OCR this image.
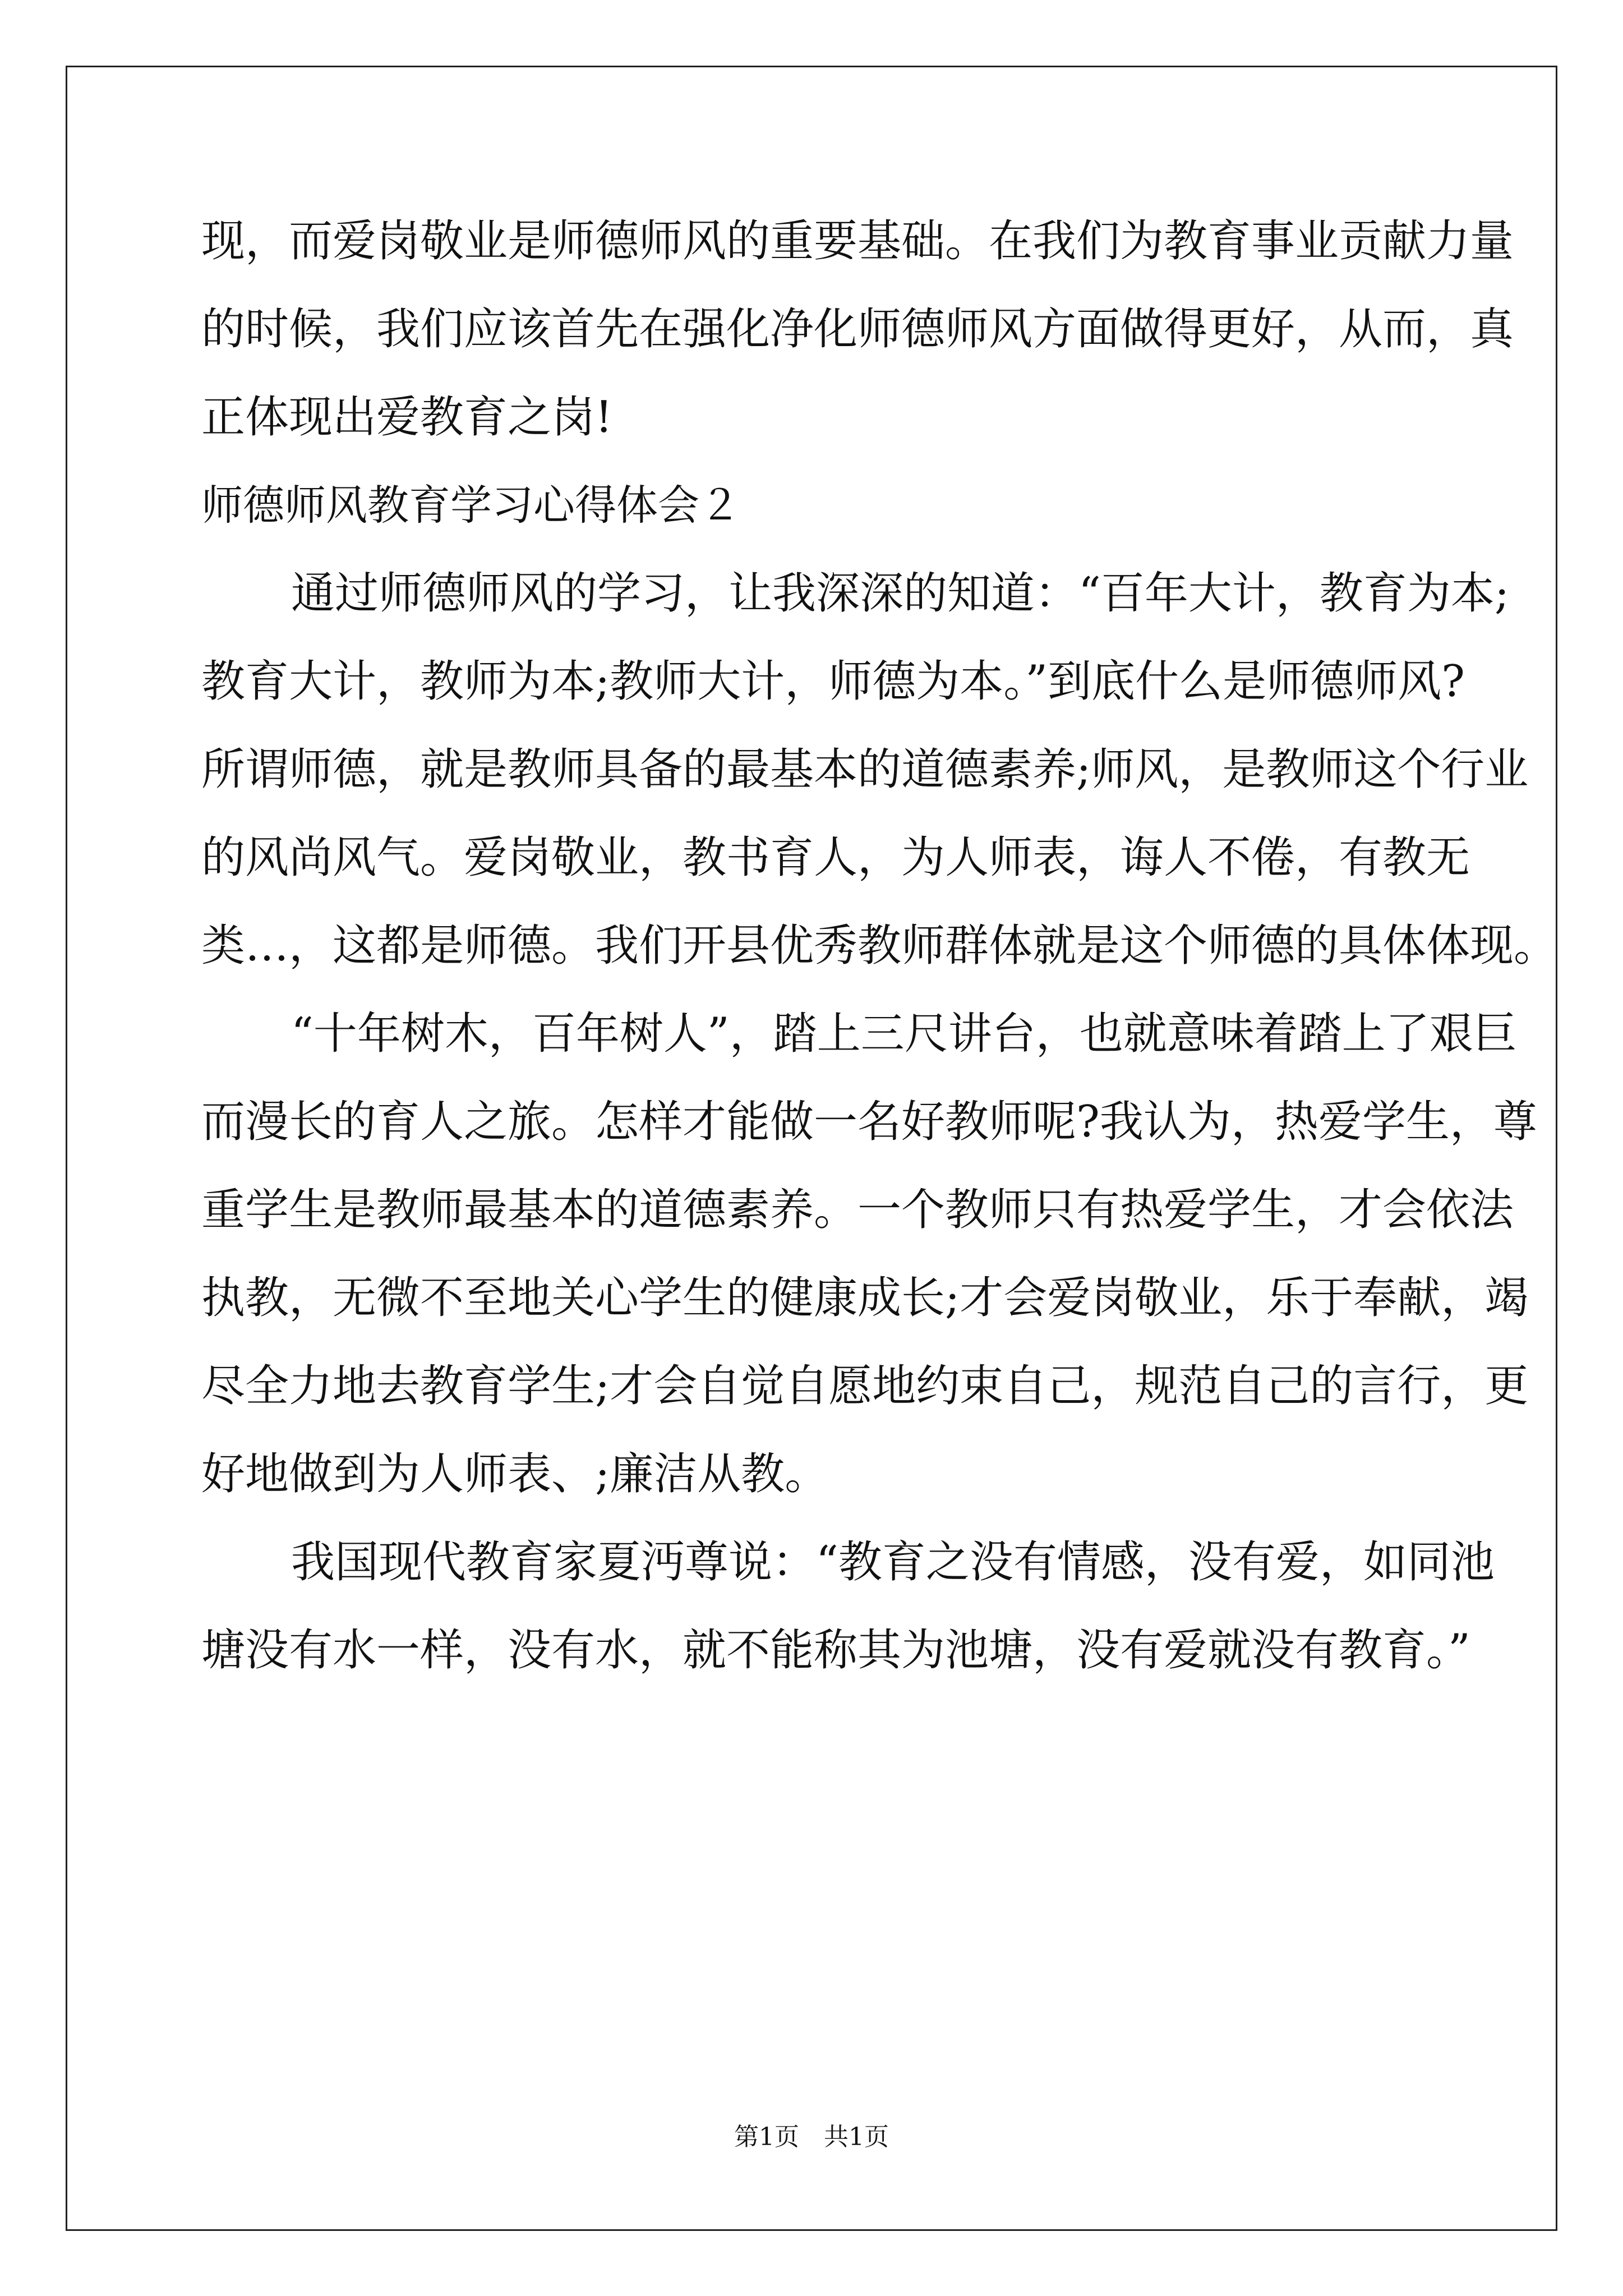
现，而爱岗敬业是师德师风的重要基础。在我们为教育事业贡献力量
的时候，我们应该首先在强化净化师德师风方面做得更好，从而，真
正体现出爱教育之岗!
师德师风教育学习心得体会２
通过师德师风的学习，让我深深的知道：“百年大计，教育为本;
教育大计，教师为本;教师大计，师德为本。”到底什么是师德师风?
所谓师德，就是教师具备的最基本的道德素养;师风，是教师这个行业
的风尚风气。爱岗敬业，教书育人，为人师表，诲人不倦，有教无
类…，这都是师德。我们开县优秀教师群体就是这个师德的具体体现。
“十年树木，百年树人”，踏上三尺讲台，也就意味着踏上了艰巨
而漫长的育人之旅。怎样才能做一名好教师呢?我认为，热爱学生，尊
重学生是教师最基本的道德素养。一个教师只有热爱学生，才会依法
执教，无微不至地关心学生的健康成长;才会爱岗敬业，乐于奉献，竭
尽全力地去教育学生;才会自觉自愿地约束自己，规范自己的言行，更
好地做到为人师表、;廉洁从教。
我国现代教育家夏沔尊说：“教育之没有情感，没有爱，如同池
塘没有水一样，没有水，就不能称其为池塘，没有爱就没有教育。”
第1页　共1页
